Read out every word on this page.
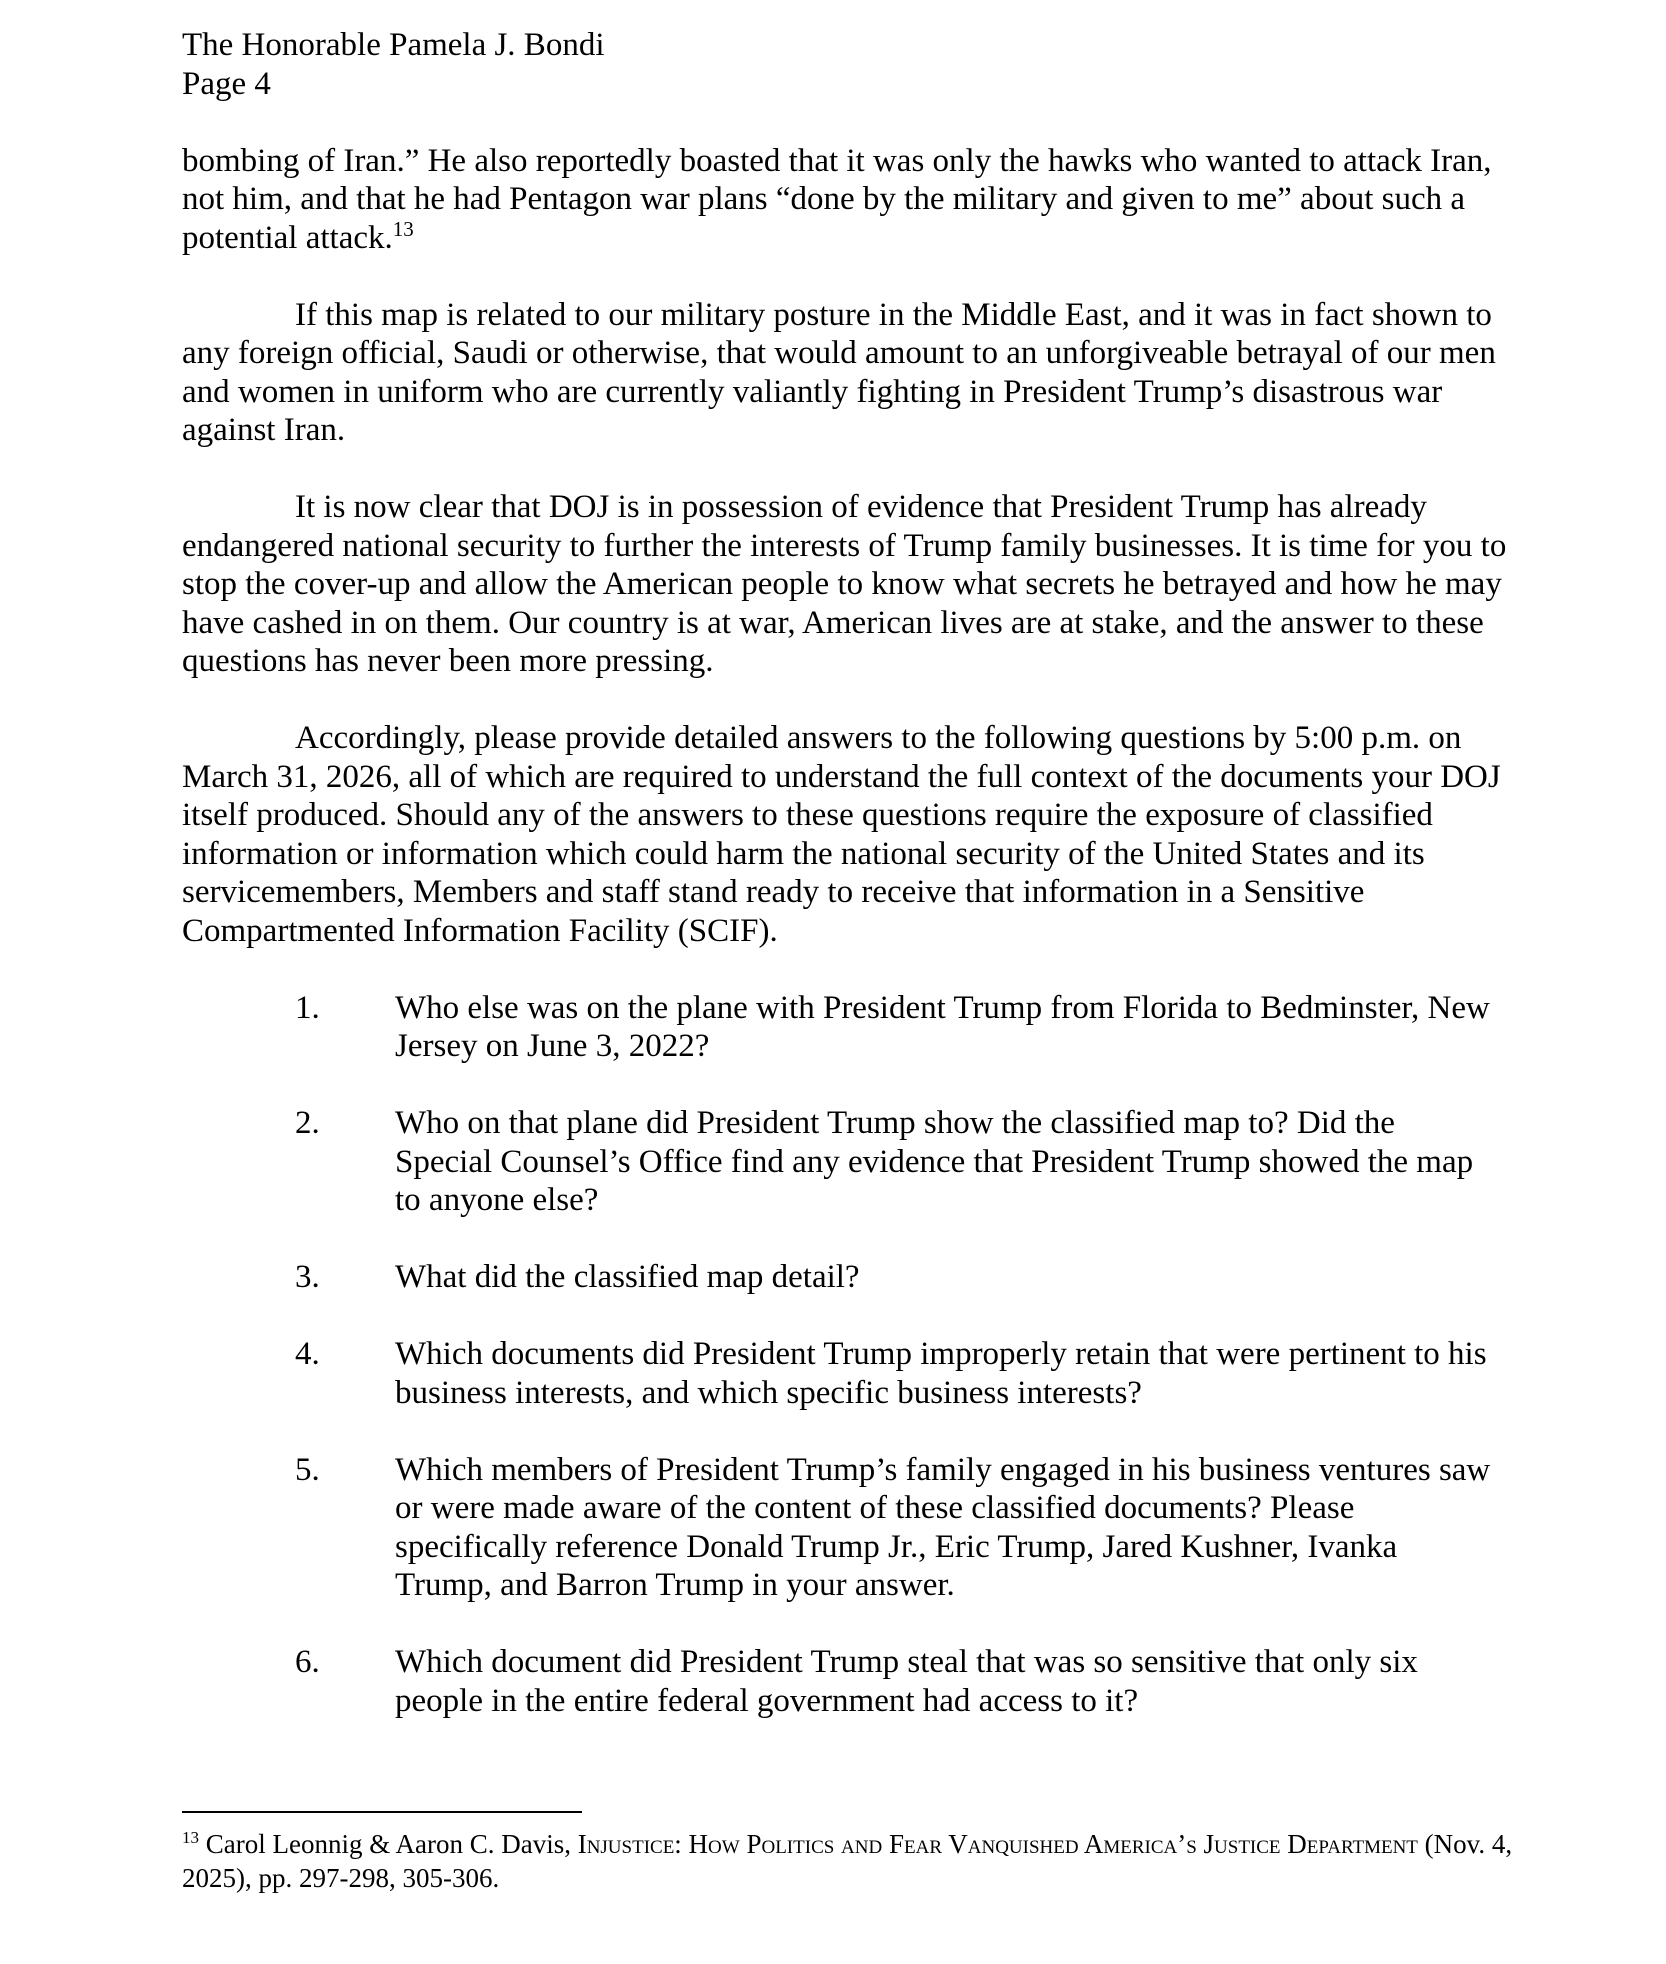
The Honorable Pamela J. Bondi
Page 4

bombing of Iran.” He also reportedly boasted that it was only the hawks who wanted to attack Iran, not him, and that he had Pentagon war plans “done by the military and given to me” about such a potential attack.$^{13}$

If this map is related to our military posture in the Middle East, and it was in fact shown to any foreign official, Saudi or otherwise, that would amount to an unforgiveable betrayal of our men and women in uniform who are currently valiantly fighting in President Trump’s disastrous war against Iran.

It is now clear that DOJ is in possession of evidence that President Trump has already endangered national security to further the interests of Trump family businesses. It is time for you to stop the cover-up and allow the American people to know what secrets he betrayed and how he may have cashed in on them. Our country is at war, American lives are at stake, and the answer to these questions has never been more pressing.

Accordingly, please provide detailed answers to the following questions by 5:00 p.m. on March 31, 2026, all of which are required to understand the full context of the documents your DOJ itself produced. Should any of the answers to these questions require the exposure of classified information or information which could harm the national security of the United States and its servicemembers, Members and staff stand ready to receive that information in a Sensitive Compartmented Information Facility (SCIF).

1.	Who else was on the plane with President Trump from Florida to Bedminster, New Jersey on June 3, 2022?
2.	Who on that plane did President Trump show the classified map to? Did the Special Counsel’s Office find any evidence that President Trump showed the map to anyone else?
3.	What did the classified map detail?
4.	Which documents did President Trump improperly retain that were pertinent to his business interests, and which specific business interests?
5.	Which members of President Trump’s family engaged in his business ventures saw or were made aware of the content of these classified documents? Please specifically reference Donald Trump Jr., Eric Trump, Jared Kushner, Ivanka Trump, and Barron Trump in your answer.
6.	Which document did President Trump steal that was so sensitive that only six people in the entire federal government had access to it?

$^{13}$ Carol Leonnig & Aaron C. Davis, Injustice: How Politics and Fear Vanquished America’s Justice Department (Nov. 4, 2025), pp. 297-298, 305-306.
